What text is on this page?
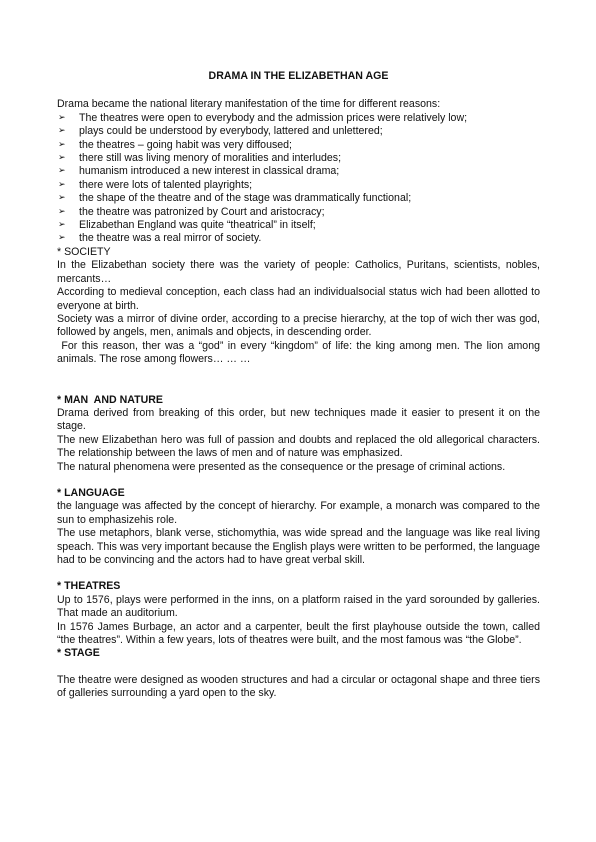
DRAMA IN THE ELIZABETHAN AGE

Drama became the national literary manifestation of the time for different reasons:

➢ The theatres were open to everybody and the admission prices were relatively low;
➢ plays could be understood by everybody, lattered and unlettered;
➢ the theatres – going habit was very diffoused;
➢ there still was living menory of moralities and interludes;
➢ humanism introduced a new interest in classical drama;
➢ there were lots of talented playrights;
➢ the shape of the theatre and of the stage was drammatically functional;
➢ the theatre was patronized by Court and aristocracy;
➢ Elizabethan England was quite “theatrical” in itself;
➢ the theatre was a real mirror of society.

* SOCIETY

In the Elizabethan society there was the variety of people: Catholics, Puritans, scientists, nobles, mercants…

According to medieval conception, each class had an individualsocial status wich had been allotted to everyone at birth.

Society was a mirror of divine order, according to a precise hierarchy, at the top of wich ther was god, followed by angels, men, animals and objects, in descending order.

For this reason, ther was a “god” in every “kingdom” of life: the king among men. The lion among animals. The rose among flowers… … …

* MAN  AND NATURE

Drama derived from breaking of this order, but new techniques made it easier to present it on the stage.

The new Elizabethan hero was full of passion and doubts and replaced the old allegorical characters. The relationship between the laws of men and of nature was emphasized.

The natural phenomena were presented as the consequence or the presage of criminal actions.

* LANGUAGE

the language was affected by the concept of hierarchy. For example, a monarch was compared to the sun to emphasizehis role.

The use metaphors, blank verse, stichomythia, was wide spread and the language was like real living speach. This was very important because the English plays were written to be performed, the language had to be convincing and the actors had to have great verbal skill.

* THEATRES

Up to 1576, plays were performed in the inns, on a platform raised in the yard sorounded by galleries. That made an auditorium.

In 1576 James Burbage, an actor and a carpenter, beult the first playhouse outside the town, called “the theatres”. Within a few years, lots of theatres were built, and the most famous was “the Globe”.

* STAGE

The theatre were designed as wooden structures and had a circular or octagonal shape and three tiers of galleries surrounding a yard open to the sky.
